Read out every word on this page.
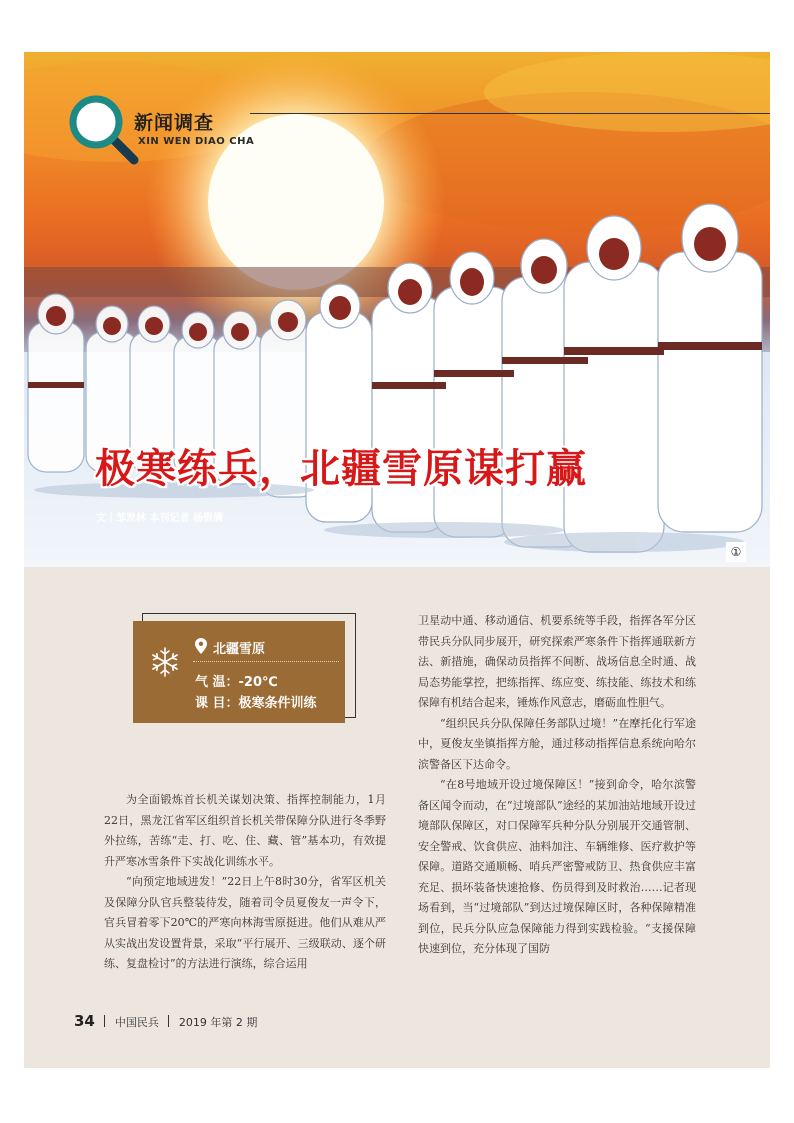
新闻调查
XIN WEN DIAO CHA
极寒练兵，北疆雪原谋打赢
文｜邹发林 本刊记者 杨银满
①
北疆雪原
气 温：-20℃
课 目：极寒条件训练

为全面锻炼首长机关谋划决策、指挥控制能力，1月22日，黑龙江省军区组织首长机关带保障分队进行冬季野外拉练，苦练“走、打、吃、住、藏、管”基本功，有效提升严寒冰雪条件下实战化训练水平。

“向预定地域进发！”22日上午8时30分，省军区机关及保障分队官兵整装待发，随着司令员夏俊友一声令下，官兵冒着零下20℃的严寒向林海雪原挺进。他们从难从严从实战出发设置背景，采取“平行展开、三级联动、逐个研练、复盘检讨”的方法进行演练，综合运用

卫星动中通、移动通信、机要系统等手段，指挥各军分区带民兵分队同步展开，研究探索严寒条件下指挥通联新方法、新措施，确保动员指挥不间断、战场信息全时通、战局态势能掌控，把练指挥、练应变、练技能、练技术和练保障有机结合起来，锤炼作风意志，磨砺血性胆气。

“组织民兵分队保障任务部队过境！”在摩托化行军途中，夏俊友坐镇指挥方舱，通过移动指挥信息系统向哈尔滨警备区下达命令。

“在8号地域开设过境保障区！”接到命令，哈尔滨警备区闻令而动，在“过境部队”途经的某加油站地域开设过境部队保障区，对口保障军兵种分队分别展开交通管制、安全警戒、饮食供应、油料加注、车辆维修、医疗救护等保障。道路交通顺畅、哨兵严密警戒防卫、热食供应丰富充足、损坏装备快速抢修、伤员得到及时救治……记者现场看到，当“过境部队”到达过境保障区时，各种保障精准到位，民兵分队应急保障能力得到实践检验。“支援保障快速到位，充分体现了国防

34 中国民兵 2019 年第 2 期
